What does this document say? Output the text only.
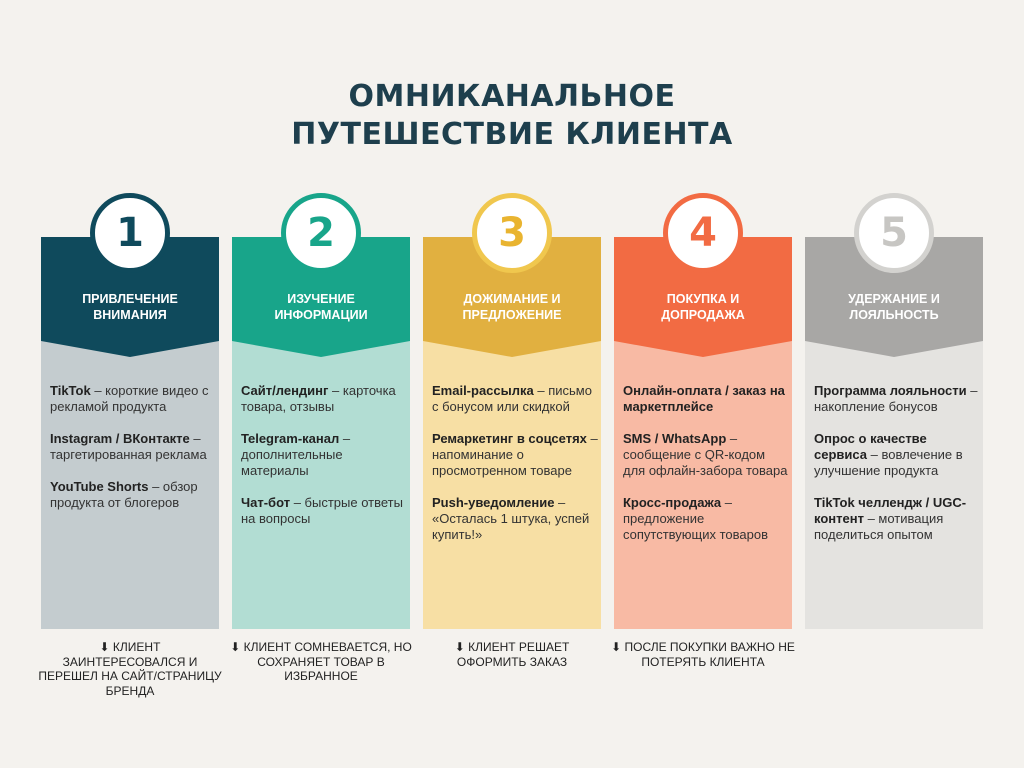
ОМНИКАНАЛЬНОЕ
ПУТЕШЕСТВИЕ КЛИЕНТА
ПРИВЛЕЧЕНИЕ ВНИМАНИЯ
TikTok – короткие видео с рекламой продукта
Instagram / ВКонтакте – таргетированная реклама
YouTube Shorts – обзор продукта от блогеров
ИЗУЧЕНИЕ ИНФОРМАЦИИ
Сайт/лендинг – карточка товара, отзывы
Telegram-канал – дополнительные материалы
Чат-бот – быстрые ответы на вопросы
ДОЖИМАНИЕ И ПРЕДЛОЖЕНИЕ
Email-рассылка – письмо с бонусом или скидкой
Ремаркетинг в соцсетях – напоминание о просмотренном товаре
Push-уведомление – «Осталась 1 штука, успей купить!»
ПОКУПКА И ДОПРОДАЖА
Онлайн-оплата / заказ на маркетплейсе
SMS / WhatsApp – сообщение с QR-кодом для офлайн-забора товара
Кросс-продажа – предложение сопутствующих товаров
УДЕРЖАНИЕ И ЛОЯЛЬНОСТЬ
Программа лояльности – накопление бонусов
Опрос о качестве сервиса – вовлечение в улучшение продукта
TikTok челлендж / UGC-контент – мотивация поделиться опытом
1
⬇ КЛИЕНТ ЗАИНТЕРЕСОВАЛСЯ И ПЕРЕШЕЛ НА САЙТ/СТРАНИЦУ БРЕНДА
2
⬇ КЛИЕНТ СОМНЕВАЕТСЯ, НО СОХРАНЯЕТ ТОВАР В ИЗБРАННОЕ
3
⬇ КЛИЕНТ РЕШАЕТ ОФОРМИТЬ ЗАКАЗ
4
⬇ ПОСЛЕ ПОКУПКИ ВАЖНО НЕ ПОТЕРЯТЬ КЛИЕНТА
5
